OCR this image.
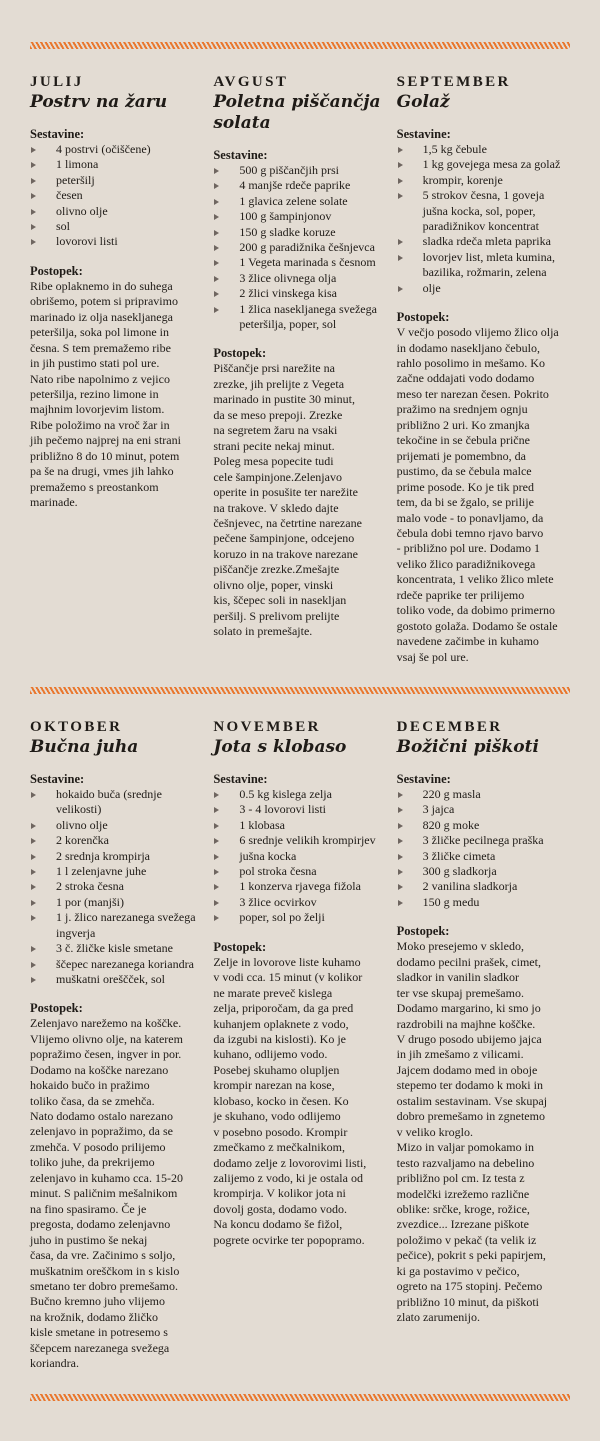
JULIJ
Postrv na žaru
Sestavine:
4 postrvi (očiščene)
1 limona
peteršilj
česen
olivno olje
sol
lovorovi listi
Postopek:

Ribe oplaknemo in do suhega
obrišemo, potem si pripravimo
marinado iz olja nasekljanega
peteršilja, soka pol limone in
česna. S tem premažemo ribe
in jih pustimo stati pol ure.
Nato ribe napolnimo z vejico
peteršilja, rezino limone in
majhnim lovorjevim listom.
Ribe položimo na vroč žar in
jih pečemo najprej na eni strani
približno 8 do 10 minut, potem
pa še na drugi, vmes jih lahko
premažemo s preostankom
marinade.

AVGUST
Poletna piščančja
solata
Sestavine:
500 g piščančjih prsi
4 manjše rdeče paprike
1 glavica zelene solate
100 g šampinjonov
150 g sladke koruze
200 g paradižnika češnjevca
1 Vegeta marinada s česnom
3 žlice olivnega olja
2 žlici vinskega kisa
1 žlica nasekljanega svežega
peteršilja, poper, sol
Postopek:

Piščančje prsi narežite na
zrezke, jih prelijte z Vegeta
marinado in pustite 30 minut,
da se meso prepoji. Zrezke
na segretem žaru na vsaki
strani pecite nekaj minut.
Poleg mesa popecite tudi
cele šampinjone.Zelenjavo
operite in posušite ter narežite
na trakove. V skledo dajte
češnjevec, na četrtine narezane
pečene šampinjone, odcejeno
koruzo in na trakove narezane
piščančje zrezke.Zmešajte
olivno olje, poper, vinski
kis, ščepec soli in nasekljan
peršilj. S prelivom prelijte
solato in premešajte.

SEPTEMBER
Golaž
Sestavine:
1,5 kg čebule
1 kg govejega mesa za golaž
krompir, korenje
5 strokov česna, 1 goveja
jušna kocka, sol, poper,
paradižnikov koncentrat
sladka rdeča mleta paprika
lovorjev list, mleta kumina,
bazilika, rožmarin, zelena
olje
Postopek:

V večjo posodo vlijemo žlico olja
in dodamo nasekljano čebulo,
rahlo posolimo in mešamo. Ko
začne oddajati vodo dodamo
meso ter narezan česen. Pokrito
pražimo na srednjem ognju
približno 2 uri. Ko zmanjka
tekočine in se čebula prične
prijemati je pomembno, da
pustimo, da se čebula malce
prime posode. Ko je tik pred
tem, da bi se žgalo, se prilije
malo vode - to ponavljamo, da
čebula dobi temno rjavo barvo
- približno pol ure. Dodamo 1
veliko žlico paradižnikovega
koncentrata, 1 veliko žlico mlete
rdeče paprike ter prilijemo
toliko vode, da dobimo primerno
gostoto golaža. Dodamo še ostale
navedene začimbe in kuhamo
vsaj še pol ure.

OKTOBER
Bučna juha
Sestavine:
hokaido buča (srednje
velikosti)
olivno olje
2 korenčka
2 srednja krompirja
1 l zelenjavne juhe
2 stroka česna
1 por (manjši)
1 j. žlico narezanega svežega
ingverja
3 č. žličke kisle smetane
ščepec narezanega koriandra
muškatni oreščček, sol
Postopek:

Zelenjavo narežemo na koščke.
Vlijemo olivno olje, na katerem
popražimo česen, ingver in por.
Dodamo na koščke narezano
hokaido bučo in pražimo
toliko časa, da se zmehča.
Nato dodamo ostalo narezano
zelenjavo in popražimo, da se
zmehča. V posodo prilijemo
toliko juhe, da prekrijemo
zelenjavo in kuhamo cca. 15-20
minut. S paličnim mešalnikom
na fino spasiramo. Če je
pregosta, dodamo zelenjavno
juho in pustimo še nekaj
časa, da vre. Začinimo s soljo,
muškatnim oreščkom in s kislo
smetano ter dobro premešamo.
Bučno kremno juho vlijemo
na krožnik, dodamo žličko
kisle smetane in potresemo s
ščepcem narezanega svežega
koriandra.

NOVEMBER
Jota s klobaso
Sestavine:
0.5 kg kislega zelja
3 - 4 lovorovi listi
1 klobasa
6 srednje velikih krompirjev
jušna kocka
pol stroka česna
1 konzerva rjavega fižola
3 žlice ocvirkov
poper, sol po želji
Postopek:

Zelje in lovorove liste kuhamo
v vodi cca. 15 minut (v kolikor
ne marate preveč kislega
zelja, priporočam, da ga pred
kuhanjem oplaknete z vodo,
da izgubi na kislosti). Ko je
kuhano, odlijemo vodo.
Posebej skuhamo olupljen
krompir narezan na kose,
klobaso, kocko in česen. Ko
je skuhano, vodo odlijemo
v posebno posodo. Krompir
zmečkamo z mečkalnikom,
dodamo zelje z lovorovimi listi,
zalijemo z vodo, ki je ostala od
krompirja. V kolikor jota ni
dovolj gosta, dodamo vodo.
Na koncu dodamo še fižol,
pogrete ocvirke ter popopramo.

DECEMBER
Božični piškoti
Sestavine:
220 g masla
3 jajca
820 g moke
3 žličke pecilnega praška
3 žličke cimeta
300 g sladkorja
2 vanilina sladkorja
150 g medu
Postopek:

Moko presejemo v skledo,
dodamo pecilni prašek, cimet,
sladkor in vanilin sladkor
ter vse skupaj premešamo.
Dodamo margarino, ki smo jo
razdrobili na majhne koščke.
V drugo posodo ubijemo jajca
in jih zmešamo z vilicami.
Jajcem dodamo med in oboje
stepemo ter dodamo k moki in
ostalim sestavinam. Vse skupaj
dobro premešamo in zgnetemo
v veliko kroglo.
Mizo in valjar pomokamo in
testo razvaljamo na debelino
približno pol cm. Iz testa z
modelčki izrežemo različne
oblike: srčke, kroge, rožice,
zvezdice... Izrezane piškote
položimo v pekač (ta velik iz
pečice), pokrit s peki papirjem,
ki ga postavimo v pečico,
ogreto na 175 stopinj. Pečemo
približno 10 minut, da piškoti
zlato zarumenijo.
